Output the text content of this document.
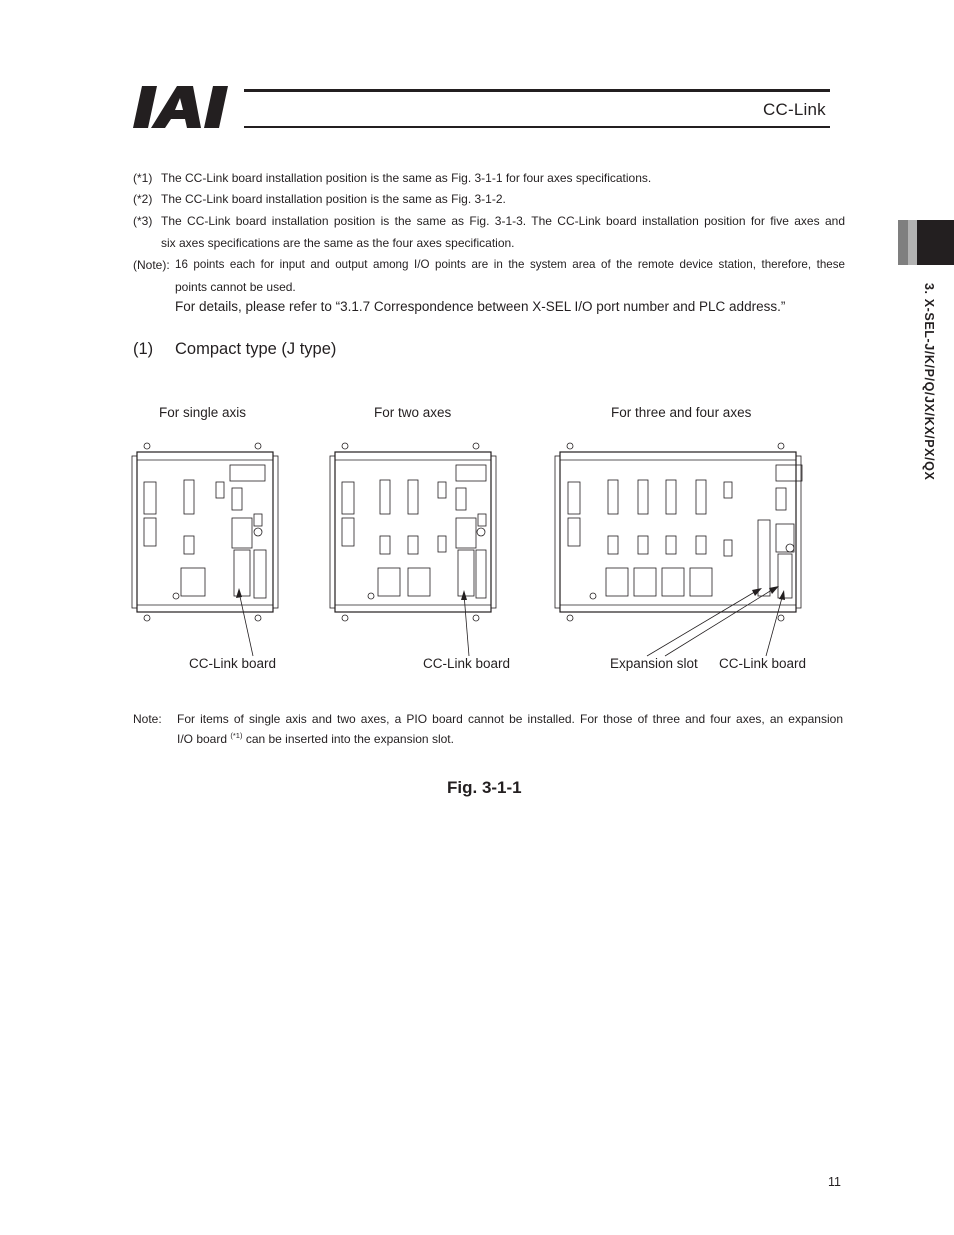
CC-Link
3. X-SEL-J/K/P/Q/JX/KX/PX/QX
(*1) The CC-Link board installation position is the same as Fig. 3-1-1 for four axes specifications.
(*2) The CC-Link board installation position is the same as Fig. 3-1-2.
(*3) The CC-Link board installation position is the same as Fig. 3-1-3. The CC-Link board installation position for five axes and
six axes specifications are the same as the four axes specification.
(Note): 16 points each for input and output among I/O points are in the system area of the remote device station, therefore, these
points cannot be used.
For details, please refer to “3.1.7 Correspondence between X-SEL I/O port number and PLC address.”
(1) Compact type (J type)
For single axis	For two axes	For three and four axes
CC-Link board	CC-Link board	Expansion slot CC-Link board
Note: For items of single axis and two axes, a PIO board cannot be installed. For those of three and four axes, an expansion
I/O board $^{(*1)}$ can be inserted into the expansion slot.
Fig. 3-1-1
11
